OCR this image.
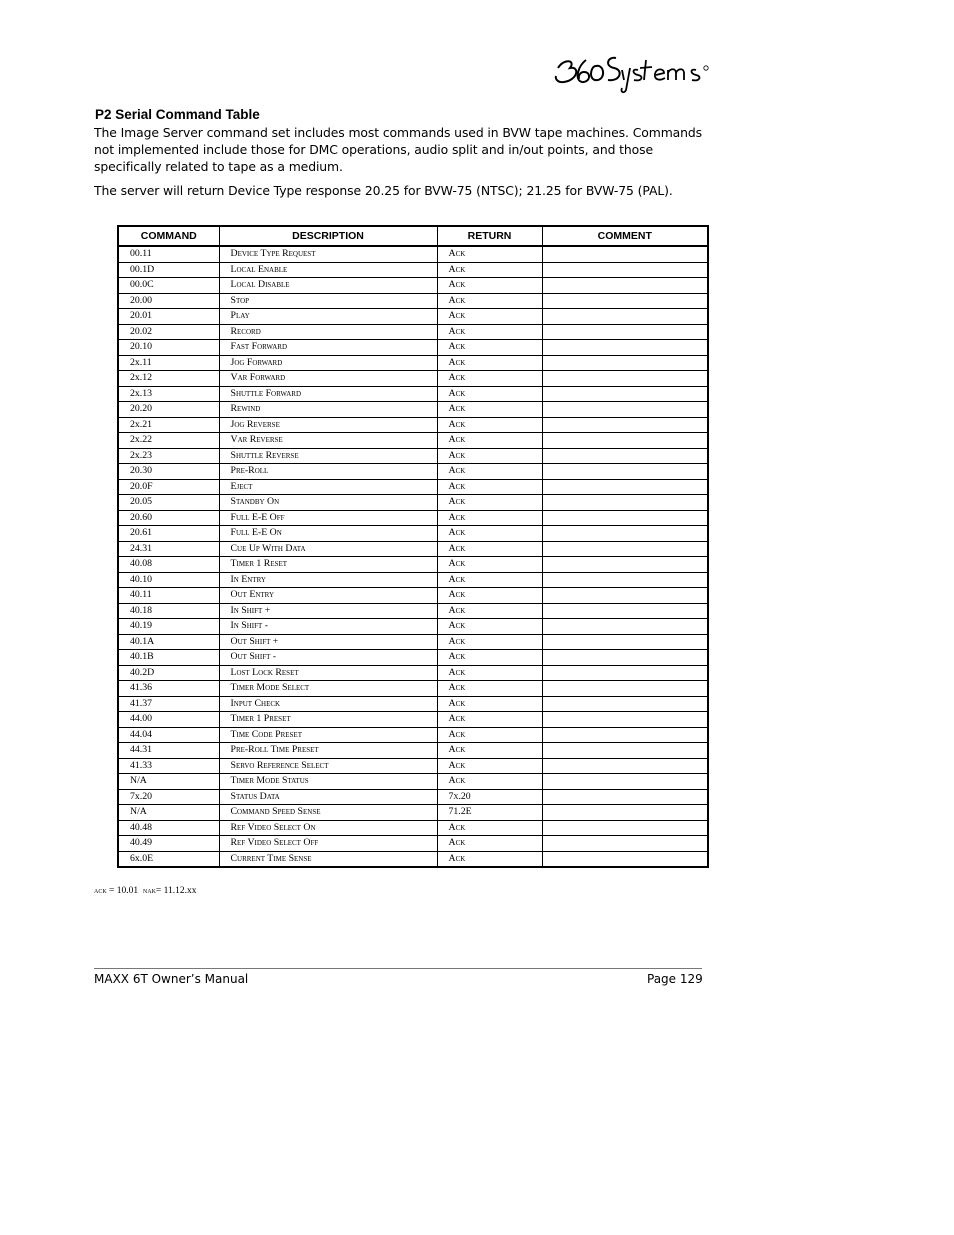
P2 Serial Command Table

The Image Server command set includes most commands used in BVW tape machines. Commands not implemented include those for DMC operations, audio split and in/out points, and those specifically related to tape as a medium.

The server will return Device Type response 20.25 for BVW-75 (NTSC); 21.25 for BVW-75 (PAL).

COMMAND	DESCRIPTION	RETURN	COMMENT
00.11	Device Type Request	Ack	
00.1D	Local Enable	Ack	
00.0C	Local Disable	Ack	
20.00	Stop	Ack	
20.01	Play	Ack	
20.02	Record	Ack	
20.10	Fast Forward	Ack	
2x.11	Jog Forward	Ack	
2x.12	Var Forward	Ack	
2x.13	Shuttle Forward	Ack	
20.20	Rewind	Ack	
2x.21	Jog Reverse	Ack	
2x.22	Var Reverse	Ack	
2x.23	Shuttle Reverse	Ack	
20.30	Pre-Roll	Ack	
20.0F	Eject	Ack	
20.05	Standby On	Ack	
20.60	Full E-E Off	Ack	
20.61	Full E-E On	Ack	
24.31	Cue Up With Data	Ack	
40.08	Timer 1 Reset	Ack	
40.10	In Entry	Ack	
40.11	Out Entry	Ack	
40.18	In Shift +	Ack	
40.19	In Shift -	Ack	
40.1A	Out Shift +	Ack	
40.1B	Out Shift -	Ack	
40.2D	Lost Lock Reset	Ack	
41.36	Timer Mode Select	Ack	
41.37	Input Check	Ack	
44.00	Timer 1 Preset	Ack	
44.04	Time Code Preset	Ack	
44.31	Pre-Roll Time Preset	Ack	
41.33	Servo Reference Select	Ack	
N/A	Timer Mode Status	Ack	
7x.20	Status Data	7x.20	
N/A	Command Speed Sense	71.2E	
40.48	Ref Video Select On	Ack	
40.49	Ref Video Select Off	Ack	
6x.0E	Current Time Sense	Ack	
ack = 10.01 nak= 11.12.xx
MAXX 6T Owner’s Manual	Page 129
